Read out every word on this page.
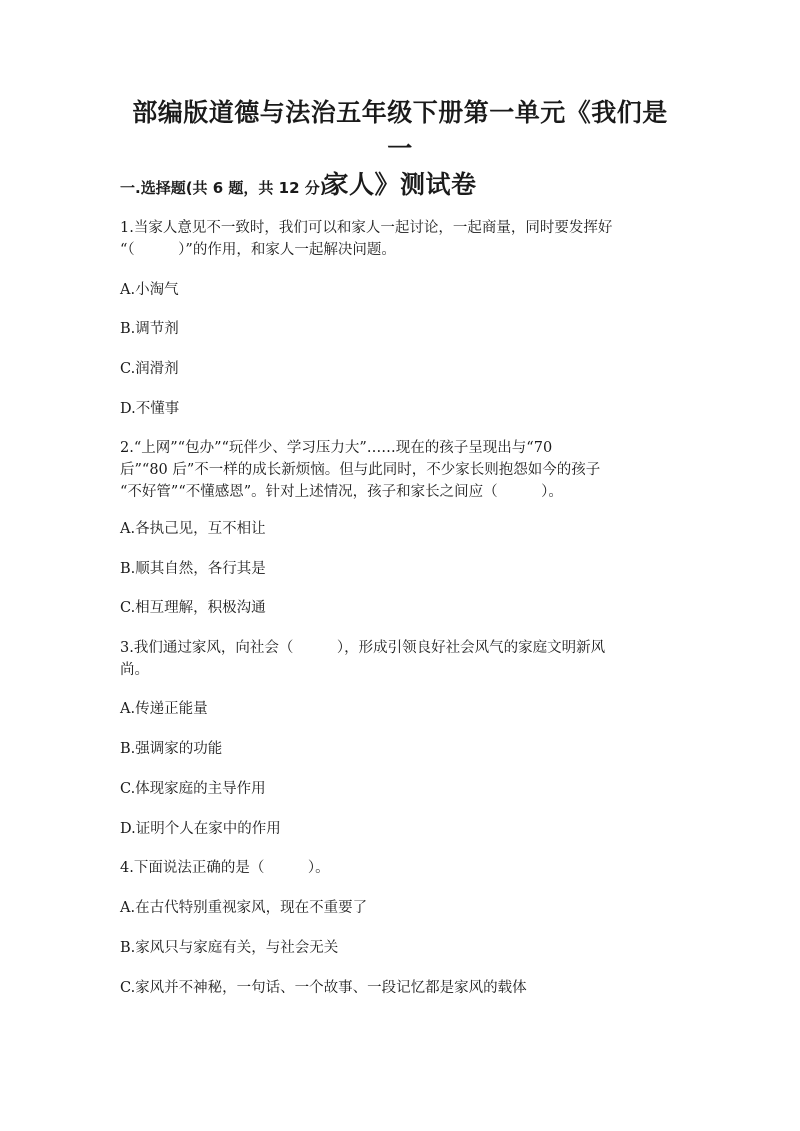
部编版道德与法治五年级下册第一单元《我们是一
家人》测试卷
一.选择题(共 6 题，共 12 分)

1.当家人意见不一致时，我们可以和家人一起讨论，一起商量，同时要发挥好

“（　　　）”的作用，和家人一起解决问题。

A.小淘气

B.调节剂

C.润滑剂

D.不懂事

2.“上网”“包办”“玩伴少、学习压力大”……现在的孩子呈现出与“70

后”“80 后”不一样的成长新烦恼。但与此同时，不少家长则抱怨如今的孩子

“不好管”“不懂感恩”。针对上述情况，孩子和家长之间应（　　　）。

A.各执己见，互不相让

B.顺其自然，各行其是

C.相互理解，积极沟通

3.我们通过家风，向社会（　　　），形成引领良好社会风气的家庭文明新风

尚。

A.传递正能量

B.强调家的功能

C.体现家庭的主导作用

D.证明个人在家中的作用

4.下面说法正确的是（　　　）。

A.在古代特别重视家风，现在不重要了

B.家风只与家庭有关，与社会无关

C.家风并不神秘，一句话、一个故事、一段记忆都是家风的载体
